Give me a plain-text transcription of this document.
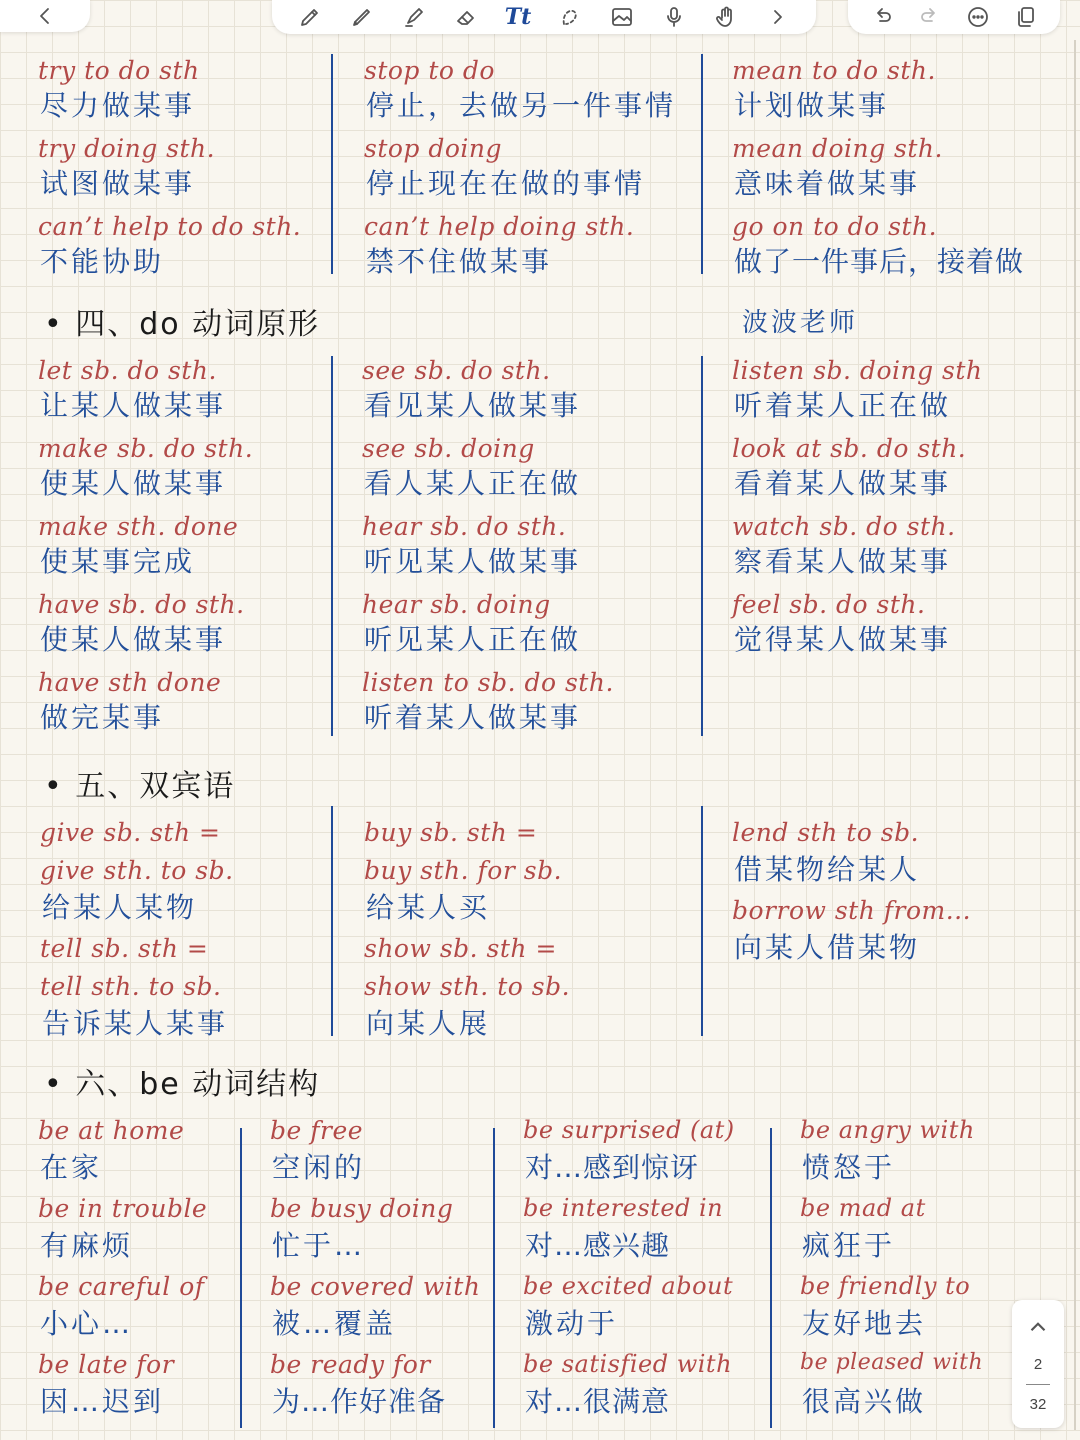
Tt
try to do sth
尽力做某事
try doing sth.
试图做某事
can’t help to do sth.
不能协助
stop to do
停止，去做另一件事情
stop doing
停止现在在做的事情
can’t help doing sth.
禁不住做某事
mean to do sth.
计划做某事
mean doing sth.
意味着做某事
go on to do sth.
做了一件事后，接着做
• 四、do 动词原形	波波老师
let sb. do sth.
让某人做某事
make sb. do sth.
使某人做某事
make sth. done
使某事完成
have sb. do sth.
使某人做某事
have sth done
做完某事
see sb. do sth.
看见某人做某事
see sb. doing
看人某人正在做
hear sb. do sth.
听见某人做某事
hear sb. doing
听见某人正在做
listen to sb. do sth.
听着某人做某事
listen sb. doing sth
听着某人正在做
look at sb. do sth.
看着某人做某事
watch sb. do sth.
察看某人做某事
feel sb. do sth.
觉得某人做某事
• 五、双宾语
give sb. sth =
give sth. to sb.
给某人某物
tell sb. sth =
tell sth. to sb.
告诉某人某事
buy sb. sth =
buy sth. for sb.
给某人买
show sb. sth =
show sth. to sb.
向某人展
lend sth to sb.
借某物给某人
borrow sth from...
向某人借某物
• 六、be 动词结构
be at home
在家
be in trouble
有麻烦
be careful of
小心…
be late for
因…迟到
be free
空闲的
be busy doing
忙于…
be covered with
被…覆盖
be ready for
为…作好准备
be surprised (at)
对…感到惊讶
be interested in
对…感兴趣
be excited about
激动于
be satisfied with
对…很满意
be angry with
愤怒于
be mad at
疯狂于
be friendly to
友好地去
be pleased with
很高兴做
2
32
